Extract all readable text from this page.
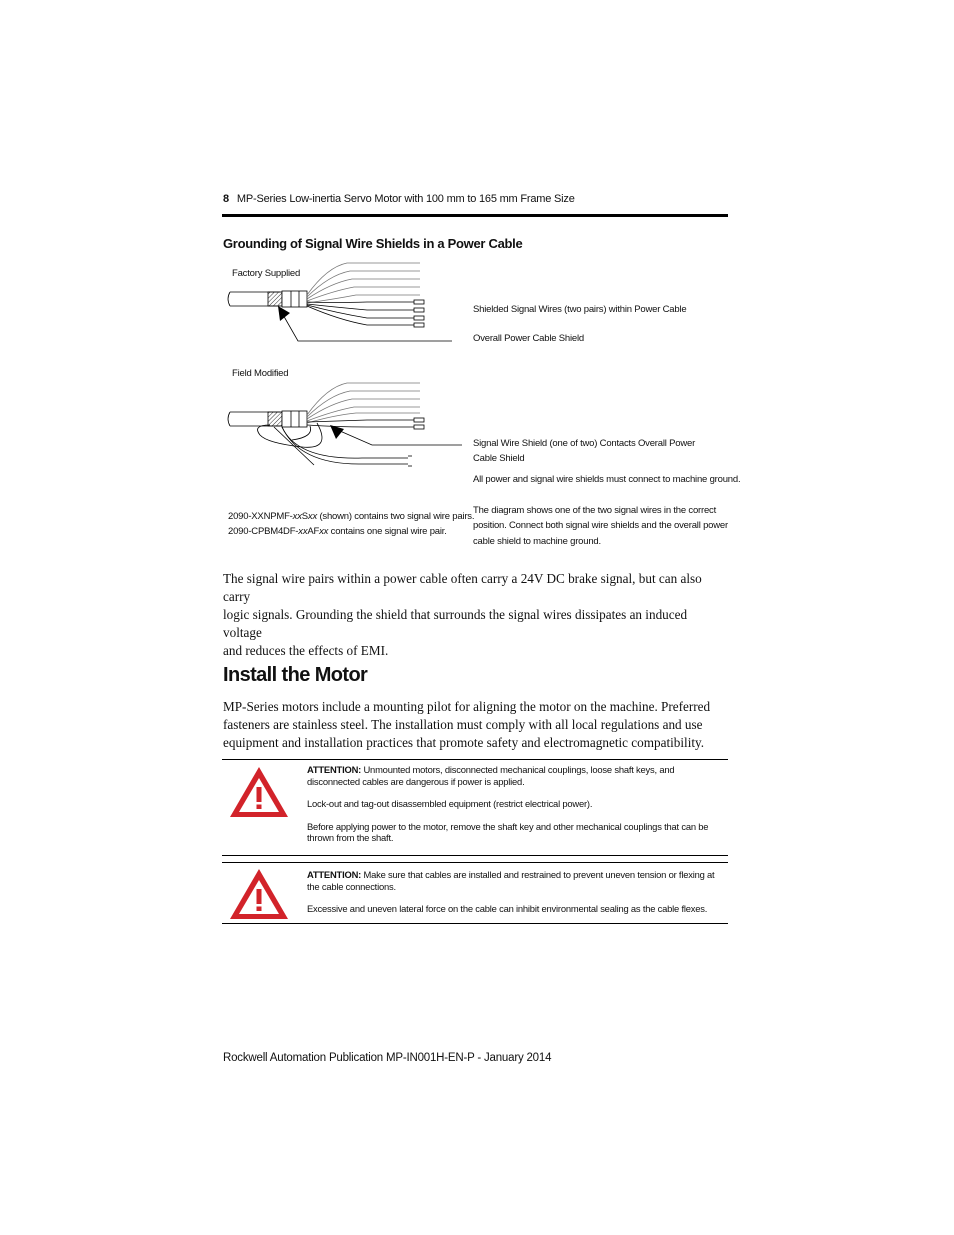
8 MP-Series Low-inertia Servo Motor with 100 mm to 165 mm Frame Size
Grounding of Signal Wire Shields in a Power Cable
Factory Supplied
Shielded Signal Wires (two pairs) within Power Cable
Overall Power Cable Shield
Field Modified
Signal Wire Shield (one of two) Contacts Overall Power
Cable Shield
All power and signal wire shields must connect to machine ground.
2090-XXNPMF-xxSxx (shown) contains two signal wire pairs.
2090-CPBM4DF-xxAFxx contains one signal wire pair.
The diagram shows one of the two signal wires in the correct
position. Connect both signal wire shields and the overall power
cable shield to machine ground.
The signal wire pairs within a power cable often carry a 24V DC brake signal, but can also carry
logic signals. Grounding the shield that surrounds the signal wires dissipates an induced voltage
and reduces the effects of EMI.
Install the Motor
MP-Series motors include a mounting pilot for aligning the motor on the machine. Preferred
fasteners are stainless steel. The installation must comply with all local regulations and use
equipment and installation practices that promote safety and electromagnetic compatibility.

ATTENTION: Unmounted motors, disconnected mechanical couplings, loose shaft keys, and disconnected cables are dangerous if power is applied.

Lock-out and tag-out disassembled equipment (restrict electrical power).

Before applying power to the motor, remove the shaft key and other mechanical couplings that can be thrown from the shaft.

ATTENTION: Make sure that cables are installed and restrained to prevent uneven tension or flexing at the cable connections.

Excessive and uneven lateral force on the cable can inhibit environmental sealing as the cable flexes.

Rockwell Automation Publication MP-IN001H-EN-P - January 2014
